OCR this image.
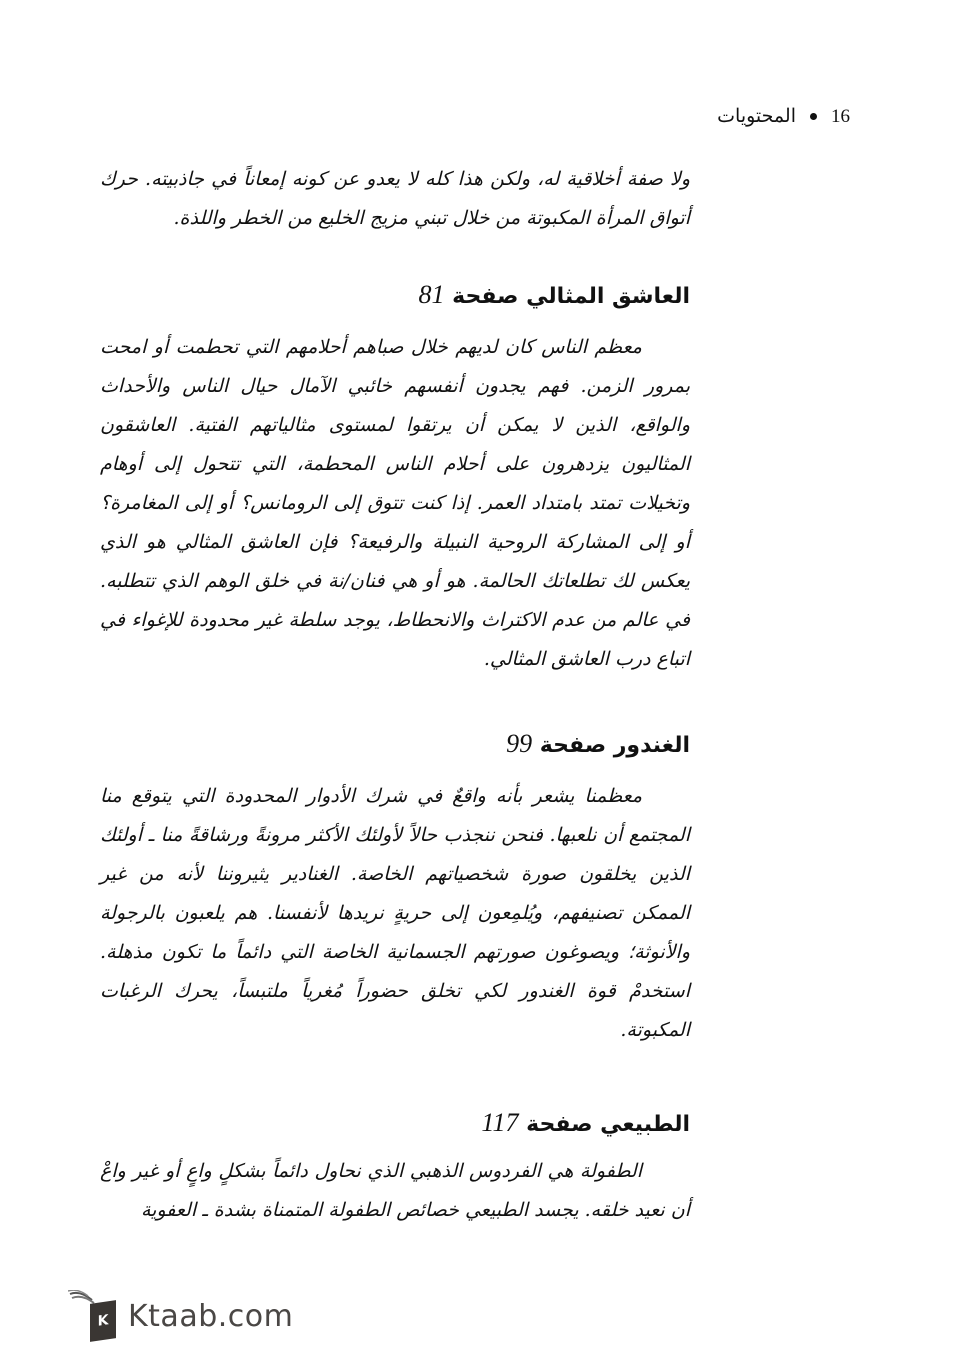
16
المحتويات

ولا صفة أخلاقية له، ولكن هذا كله لا يعدو عن كونه إمعاناً في جاذبيته. حرك أتواق المرأة المكبوتة من خلال تبني مزيج الخليع من الخطر واللذة.

العاشق المثالي صفحة 81

معظم الناس كان لديهم خلال صباهم أحلامهم التي تحطمت أو امحت بمرور الزمن. فهم يجدون أنفسهم خائبي الآمال حيال الناس والأحداث والواقع، الذين لا يمكن أن يرتقوا لمستوى مثالياتهم الفتية. العاشقون المثاليون يزدهرون على أحلام الناس المحطمة، التي تتحول إلى أوهام وتخيلات تمتد بامتداد العمر. إذا كنت تتوق إلى الرومانس؟ أو إلى المغامرة؟ أو إلى المشاركة الروحية النبيلة والرفيعة؟ فإن العاشق المثالي هو الذي يعكس لك تطلعاتك الحالمة. هو أو هي فنان/نة في خلق الوهم الذي تتطلبه. في عالم من عدم الاكتراث والانحطاط، يوجد سلطة غير محدودة للإغواء في اتباع درب العاشق المثالي.

الغندور صفحة 99

معظمنا يشعر بأنه واقعٌ في شرك الأدوار المحدودة التي يتوقع منا المجتمع أن نلعبها. فنحن ننجذب حالاً لأولئك الأكثر مرونةً ورشاقةً منا ـ أولئك الذين يخلقون صورة شخصياتهم الخاصة. الغنادير يثيروننا لأنه من غير الممكن تصنيفهم، ويُلمِعون إلى حريةٍ نريدها لأنفسنا. هم يلعبون بالرجولة والأنوثة؛ ويصوغون صورتهم الجسمانية الخاصة التي دائماً ما تكون مذهلة. استخدمْ قوة الغندور لكي تخلق حضوراً مُغرياً ملتبساً، يحرك الرغبات المكبوتة.

الطبيعي صفحة 117

الطفولة هي الفردوس الذهبي الذي نحاول دائماً بشكلٍ واعٍ أو غير واعْ أن نعيد خلقه. يجسد الطبيعي خصائص الطفولة المتمناة بشدة ـ العفوية

K Ktaab.com
